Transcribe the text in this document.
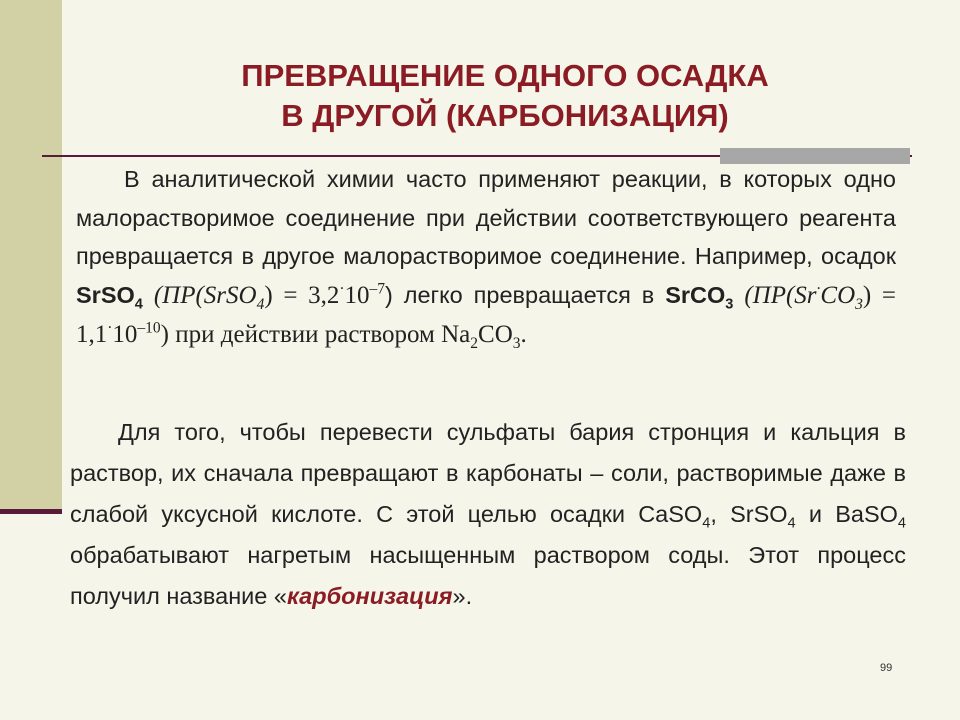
ПРЕВРАЩЕНИЕ ОДНОГО ОСАДКА
В ДРУГОЙ (КАРБОНИЗАЦИЯ)
В аналитической химии часто применяют реакции, в которых одно малорастворимое соединение при действии соответствующего реагента превращается в другое малорастворимое соединение. Например, осадок SrSO$_4$ (ПР(SrSO$_4$) = $3,2^\cdot 10^{-7}$) легко превращается в SrCO$_3$ $(ПР(Sr^\cdot CO_3) = 1,1^\cdot 10^{-10})$ при действии раствором $Na_2CO_3$.
Для того, чтобы перевести сульфаты бария стронция и кальция в раствор, их сначала превращают в карбонаты – соли, растворимые даже в слабой уксусной кислоте. С этой целью осадки CaSO$_4$, SrSO$_4$ и BaSO$_4$ обрабатывают нагретым насыщенным раствором соды. Этот процесс получил название «карбонизация».
99
